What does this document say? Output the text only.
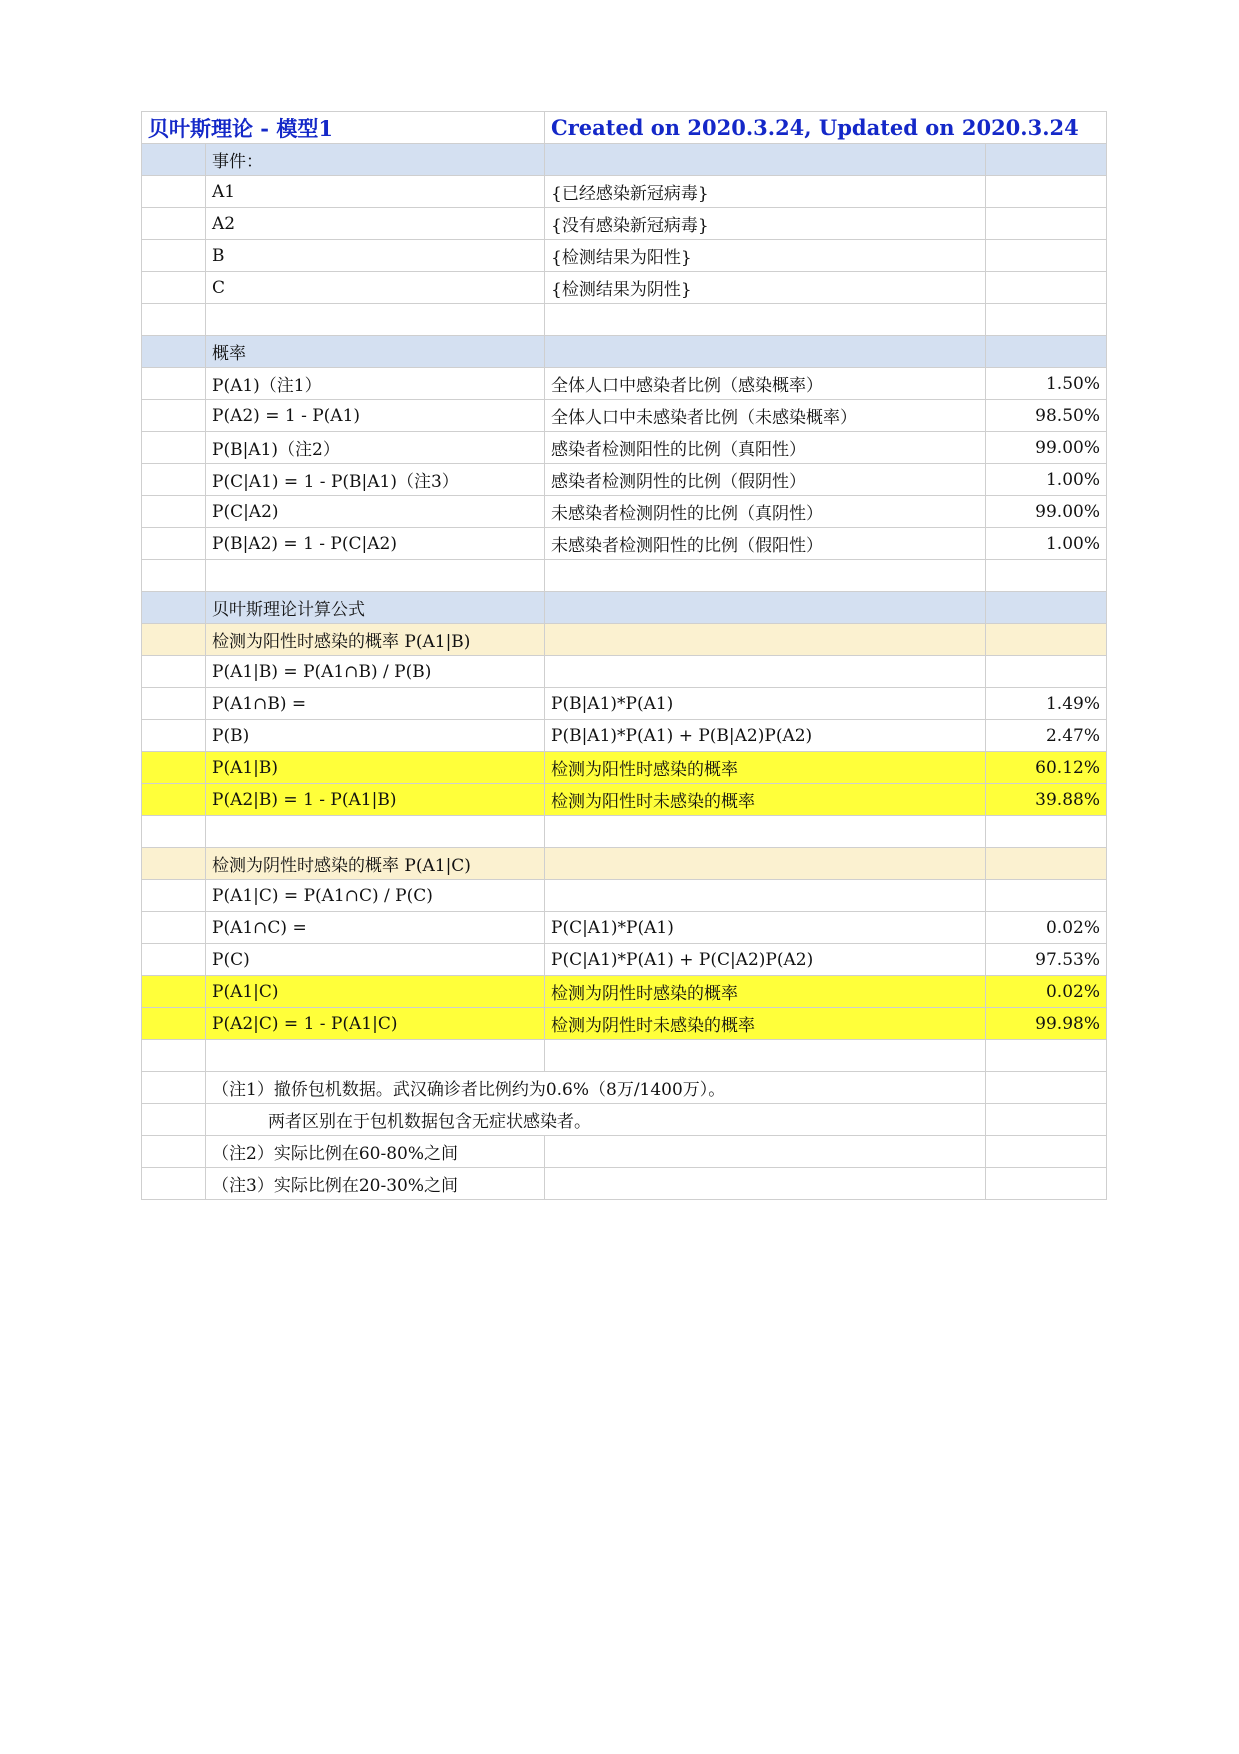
贝叶斯理论 - 模型1		Created on 2020.3.24, Updated on 2020.3.24	
	事件：		
	A1	{已经感染新冠病毒}	
	A2	{没有感染新冠病毒}	
	B	{检测结果为阳性}	
	C	{检测结果为阴性}	

	概率		
	P(A1)（注1）	全体人口中感染者比例（感染概率）	1.50%
	P(A2) = 1 - P(A1)	全体人口中未感染者比例（未感染概率）	98.50%
	P(B|A1)（注2）	感染者检测阳性的比例（真阳性）	99.00%
	P(C|A1) = 1 - P(B|A1)（注3）	感染者检测阴性的比例（假阴性）	1.00%
	P(C|A2)	未感染者检测阴性的比例（真阴性）	99.00%
	P(B|A2) = 1 - P(C|A2)	未感染者检测阳性的比例（假阳性）	1.00%

	贝叶斯理论计算公式		
	检测为阳性时感染的概率 P(A1|B)		
	P(A1|B) = P(A1∩B) / P(B)		
	P(A1∩B) =	P(B|A1)*P(A1)	1.49%
	P(B)	P(B|A1)*P(A1) + P(B|A2)P(A2)	2.47%
	P(A1|B)	检测为阳性时感染的概率	60.12%
	P(A2|B) = 1 - P(A1|B)	检测为阳性时未感染的概率	39.88%

	检测为阴性时感染的概率 P(A1|C)		
	P(A1|C) = P(A1∩C) / P(C)		
	P(A1∩C) =	P(C|A1)*P(A1)	0.02%
	P(C)	P(C|A1)*P(A1) + P(C|A2)P(A2)	97.53%
	P(A1|C)	检测为阴性时感染的概率	0.02%
	P(A2|C) = 1 - P(A1|C)	检测为阴性时未感染的概率	99.98%

	（注1）撤侨包机数据。武汉确诊者比例约为0.6%（8万/1400万）。		
	两者区别在于包机数据包含无症状感染者。		
	（注2）实际比例在60-80%之间		
	（注3）实际比例在20-30%之间		
